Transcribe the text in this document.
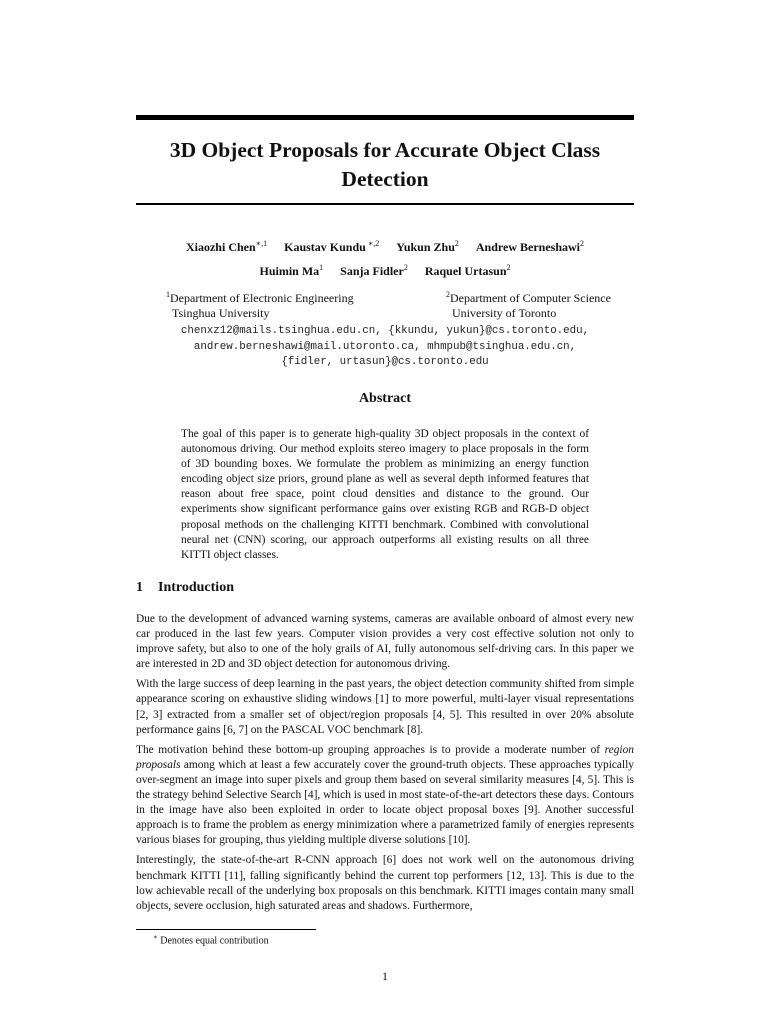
3D Object Proposals for Accurate Object Class Detection
Xiaozhi Chen$^{∗,1}$ Kaustav Kundu $^{∗,2}$ Yukun Zhu$^2$ Andrew Berneshawi$^2$
Huimin Ma$^1$ Sanja Fidler$^2$ Raquel Urtasun$^2$
$^1$Department of Electronic Engineering
Tsinghua University
$^2$Department of Computer Science
University of Toronto
chenxz12@mails.tsinghua.edu.cn, {kkundu, yukun}@cs.toronto.edu,
andrew.berneshawi@mail.utoronto.ca, mhmpub@tsinghua.edu.cn,
{fidler, urtasun}@cs.toronto.edu
Abstract

The goal of this paper is to generate high-quality 3D object proposals in the context of autonomous driving. Our method exploits stereo imagery to place proposals in the form of 3D bounding boxes. We formulate the problem as minimizing an energy function encoding object size priors, ground plane as well as several depth informed features that reason about free space, point cloud densities and distance to the ground. Our experiments show significant performance gains over existing RGB and RGB-D object proposal methods on the challenging KITTI benchmark. Combined with convolutional neural net (CNN) scoring, our approach outperforms all existing results on all three KITTI object classes.

1 Introduction

Due to the development of advanced warning systems, cameras are available onboard of almost every new car produced in the last few years. Computer vision provides a very cost effective solution not only to improve safety, but also to one of the holy grails of AI, fully autonomous self-driving cars. In this paper we are interested in 2D and 3D object detection for autonomous driving.

With the large success of deep learning in the past years, the object detection community shifted from simple appearance scoring on exhaustive sliding windows [1] to more powerful, multi-layer visual representations [2, 3] extracted from a smaller set of object/region proposals [4, 5]. This resulted in over 20% absolute performance gains [6, 7] on the PASCAL VOC benchmark [8].

The motivation behind these bottom-up grouping approaches is to provide a moderate number of region proposals among which at least a few accurately cover the ground-truth objects. These approaches typically over-segment an image into super pixels and group them based on several similarity measures [4, 5]. This is the strategy behind Selective Search [4], which is used in most state-of-the-art detectors these days. Contours in the image have also been exploited in order to locate object proposal boxes [9]. Another successful approach is to frame the problem as energy minimization where a parametrized family of energies represents various biases for grouping, thus yielding multiple diverse solutions [10].

Interestingly, the state-of-the-art R-CNN approach [6] does not work well on the autonomous driving benchmark KITTI [11], falling significantly behind the current top performers [12, 13]. This is due to the low achievable recall of the underlying box proposals on this benchmark. KITTI images contain many small objects, severe occlusion, high saturated areas and shadows. Furthermore,

∗ Denotes equal contribution
1
